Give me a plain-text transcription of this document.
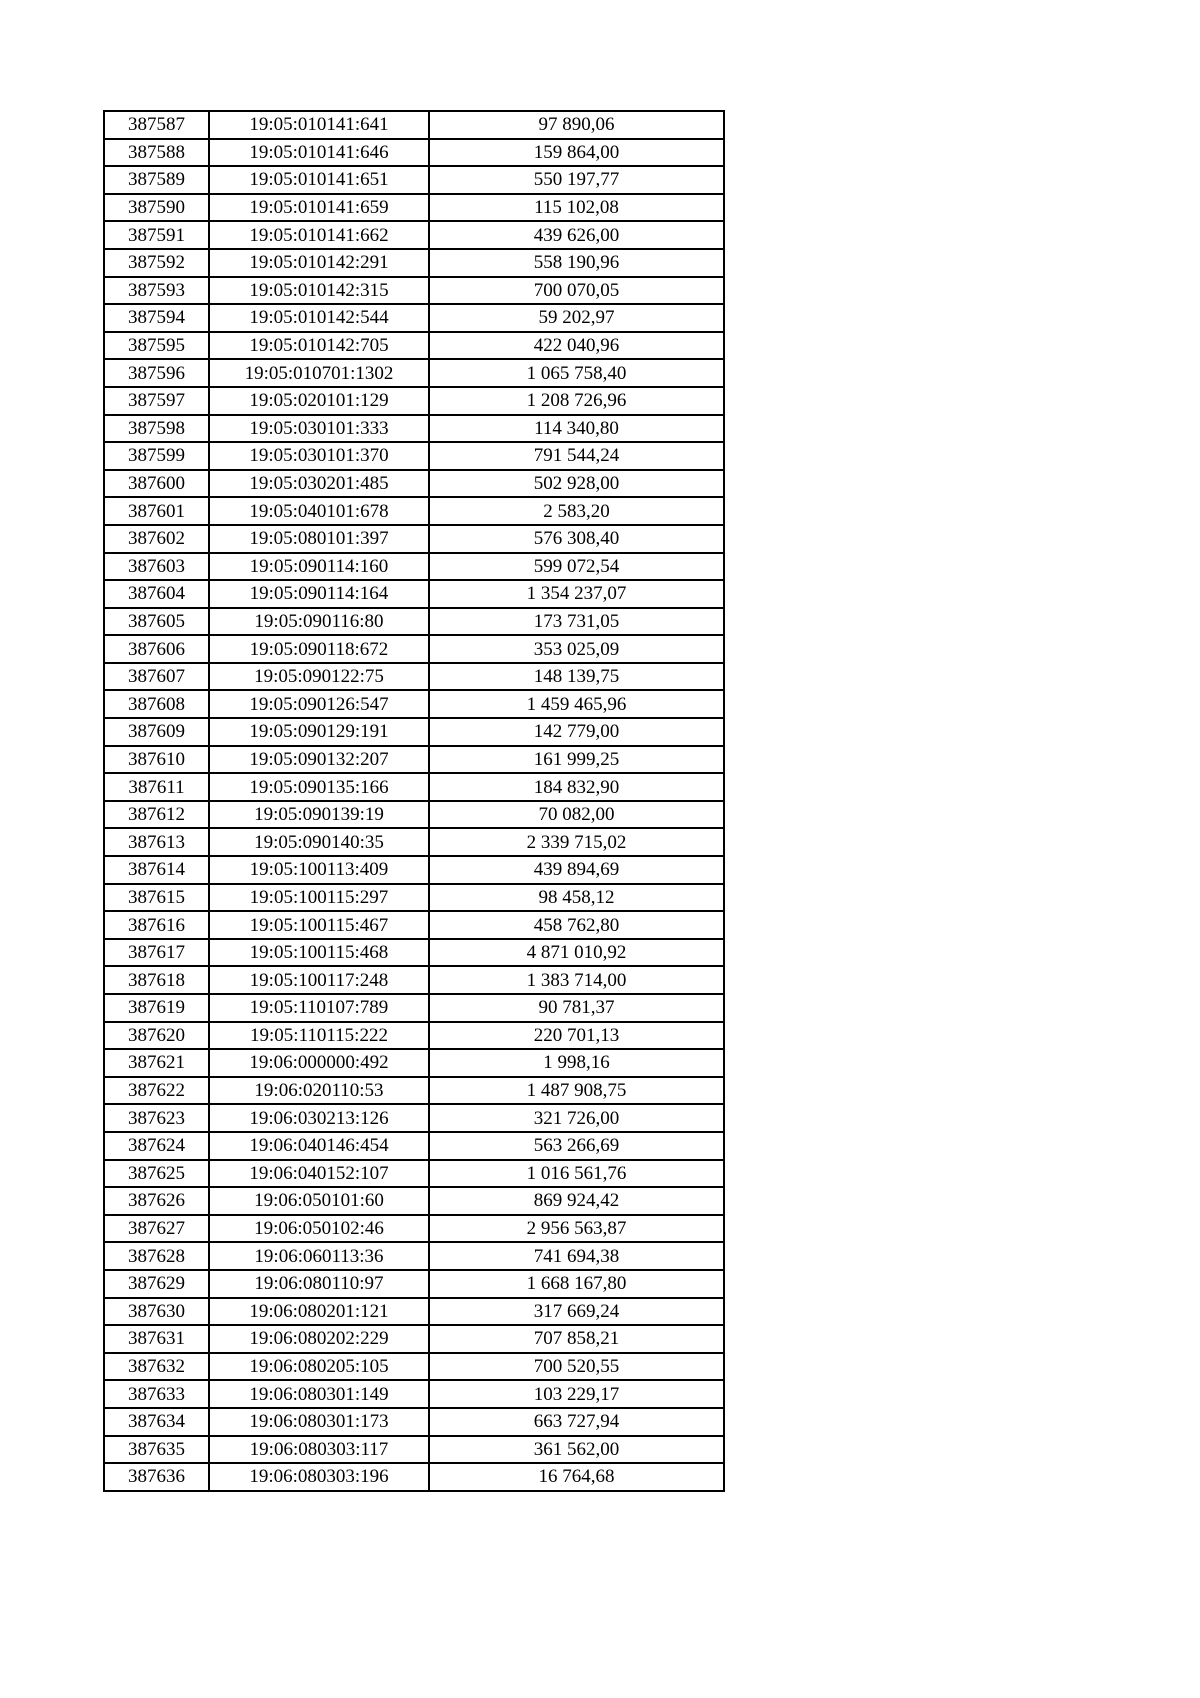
387587	19:05:010141:641	97 890,06
387588	19:05:010141:646	159 864,00
387589	19:05:010141:651	550 197,77
387590	19:05:010141:659	115 102,08
387591	19:05:010141:662	439 626,00
387592	19:05:010142:291	558 190,96
387593	19:05:010142:315	700 070,05
387594	19:05:010142:544	59 202,97
387595	19:05:010142:705	422 040,96
387596	19:05:010701:1302	1 065 758,40
387597	19:05:020101:129	1 208 726,96
387598	19:05:030101:333	114 340,80
387599	19:05:030101:370	791 544,24
387600	19:05:030201:485	502 928,00
387601	19:05:040101:678	2 583,20
387602	19:05:080101:397	576 308,40
387603	19:05:090114:160	599 072,54
387604	19:05:090114:164	1 354 237,07
387605	19:05:090116:80	173 731,05
387606	19:05:090118:672	353 025,09
387607	19:05:090122:75	148 139,75
387608	19:05:090126:547	1 459 465,96
387609	19:05:090129:191	142 779,00
387610	19:05:090132:207	161 999,25
387611	19:05:090135:166	184 832,90
387612	19:05:090139:19	70 082,00
387613	19:05:090140:35	2 339 715,02
387614	19:05:100113:409	439 894,69
387615	19:05:100115:297	98 458,12
387616	19:05:100115:467	458 762,80
387617	19:05:100115:468	4 871 010,92
387618	19:05:100117:248	1 383 714,00
387619	19:05:110107:789	90 781,37
387620	19:05:110115:222	220 701,13
387621	19:06:000000:492	1 998,16
387622	19:06:020110:53	1 487 908,75
387623	19:06:030213:126	321 726,00
387624	19:06:040146:454	563 266,69
387625	19:06:040152:107	1 016 561,76
387626	19:06:050101:60	869 924,42
387627	19:06:050102:46	2 956 563,87
387628	19:06:060113:36	741 694,38
387629	19:06:080110:97	1 668 167,80
387630	19:06:080201:121	317 669,24
387631	19:06:080202:229	707 858,21
387632	19:06:080205:105	700 520,55
387633	19:06:080301:149	103 229,17
387634	19:06:080301:173	663 727,94
387635	19:06:080303:117	361 562,00
387636	19:06:080303:196	16 764,68
